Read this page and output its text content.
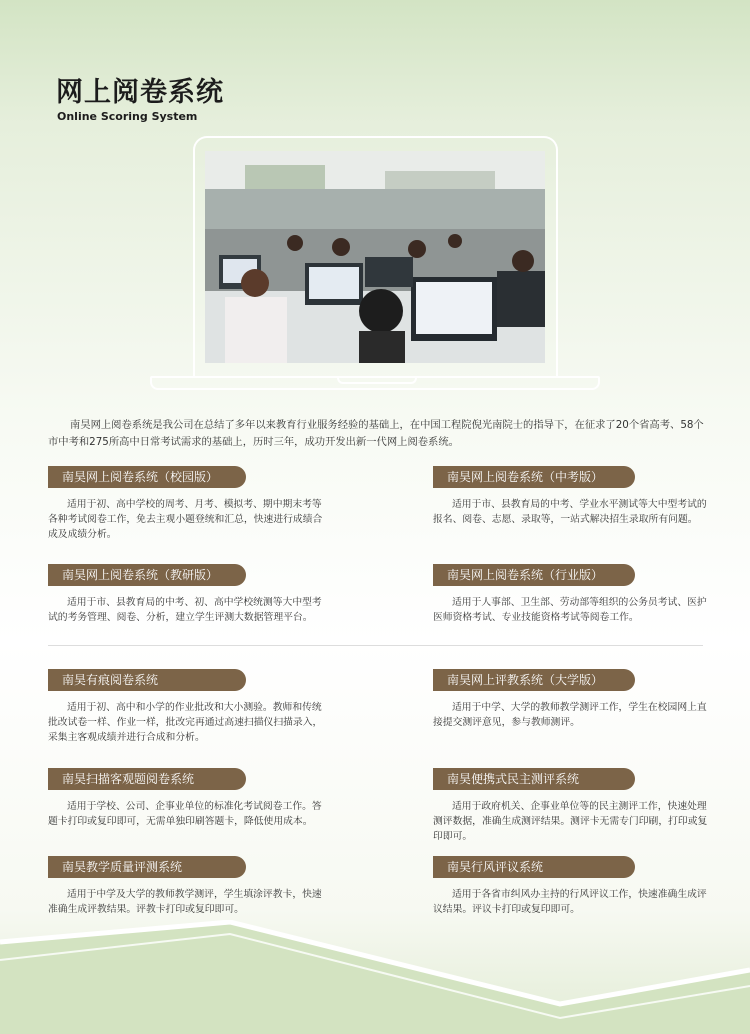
网上阅卷系统
Online Scoring System

南昊网上阅卷系统是我公司在总结了多年以来教育行业服务经验的基础上，在中国工程院倪光南院士的指导下，在征求了20个省高考、58个市中考和275所高中日常考试需求的基础上，历时三年，成功开发出新一代网上阅卷系统。

南昊网上阅卷系统（校园版）

适用于初、高中学校的周考、月考、模拟考、期中期末考等各种考试阅卷工作，免去主观小题登统和汇总，快速进行成绩合成及成绩分析。

南昊网上阅卷系统（教研版）

适用于市、县教育局的中考、初、高中学校统测等大中型考试的考务管理、阅卷、分析，建立学生评测大数据管理平台。

南昊有痕阅卷系统

适用于初、高中和小学的作业批改和大小测验。教师和传统批改试卷一样、作业一样，批改完再通过高速扫描仪扫描录入，采集主客观成绩并进行合成和分析。

南昊扫描客观题阅卷系统

适用于学校、公司、企事业单位的标准化考试阅卷工作。答题卡打印或复印即可，无需单独印刷答题卡，降低使用成本。

南昊教学质量评测系统

适用于中学及大学的教师教学测评，学生填涂评教卡，快速准确生成评教结果。评教卡打印或复印即可。

南昊网上阅卷系统（中考版）

适用于市、县教育局的中考、学业水平测试等大中型考试的报名、阅卷、志愿、录取等，一站式解决招生录取所有问题。

南昊网上阅卷系统（行业版）

适用于人事部、卫生部、劳动部等组织的公务员考试、医护医师资格考试、专业技能资格考试等阅卷工作。

南昊网上评教系统（大学版）

适用于中学、大学的教师教学测评工作，学生在校园网上直接提交测评意见，参与教师测评。

南昊便携式民主测评系统

适用于政府机关、企事业单位等的民主测评工作，快速处理测评数据，准确生成测评结果。测评卡无需专门印刷，打印或复印即可。

南昊行风评议系统

适用于各省市纠风办主持的行风评议工作，快速准确生成评议结果。评议卡打印或复印即可。
